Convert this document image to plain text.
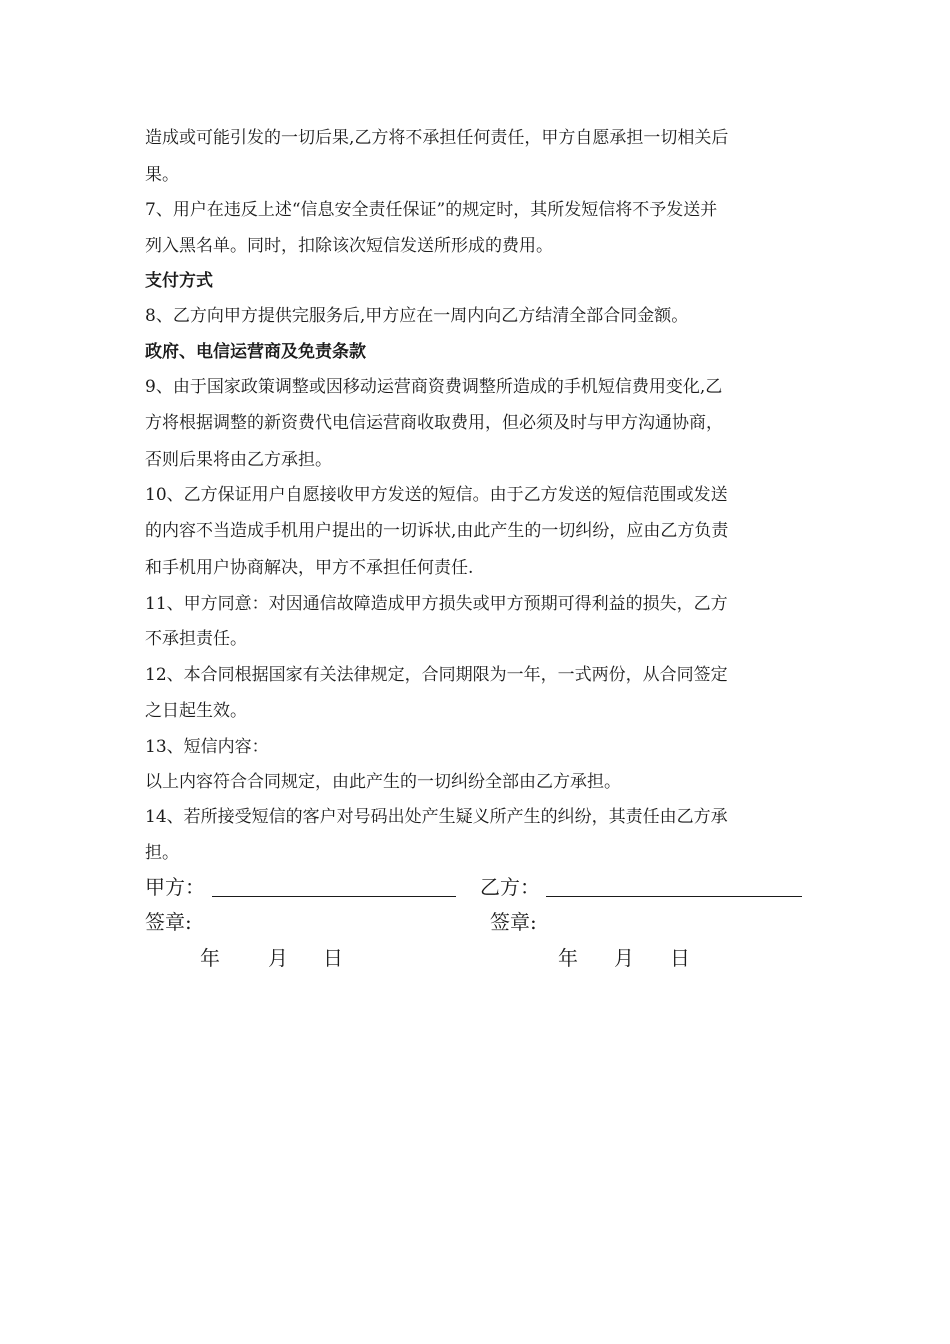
造成或可能引发的一切后果,乙方将不承担任何责任，甲方自愿承担一切相关后
果。
7、用户在违反上述“信息安全责任保证”的规定时，其所发短信将不予发送并
列入黑名单。同时，扣除该次短信发送所形成的费用。
支付方式
8、乙方向甲方提供完服务后,甲方应在一周内向乙方结清全部合同金额。
政府、电信运营商及免责条款
9、由于国家政策调整或因移动运营商资费调整所造成的手机短信费用变化,乙
方将根据调整的新资费代电信运营商收取费用，但必须及时与甲方沟通协商，
否则后果将由乙方承担。
10、乙方保证用户自愿接收甲方发送的短信。由于乙方发送的短信范围或发送
的内容不当造成手机用户提出的一切诉状,由此产生的一切纠纷，应由乙方负责
和手机用户协商解决，甲方不承担任何责任.
11、甲方同意：对因通信故障造成甲方损失或甲方预期可得利益的损失，乙方
不承担责任。
12、本合同根据国家有关法律规定，合同期限为一年，一式两份，从合同签定
之日起生效。
13、短信内容：
以上内容符合合同规定，由此产生的一切纠纷全部由乙方承担。
14、若所接受短信的客户对号码出处产生疑义所产生的纠纷，其责任由乙方承
担。
甲方：	乙方：
签章:	签章:
年 月 日	年 月 日
